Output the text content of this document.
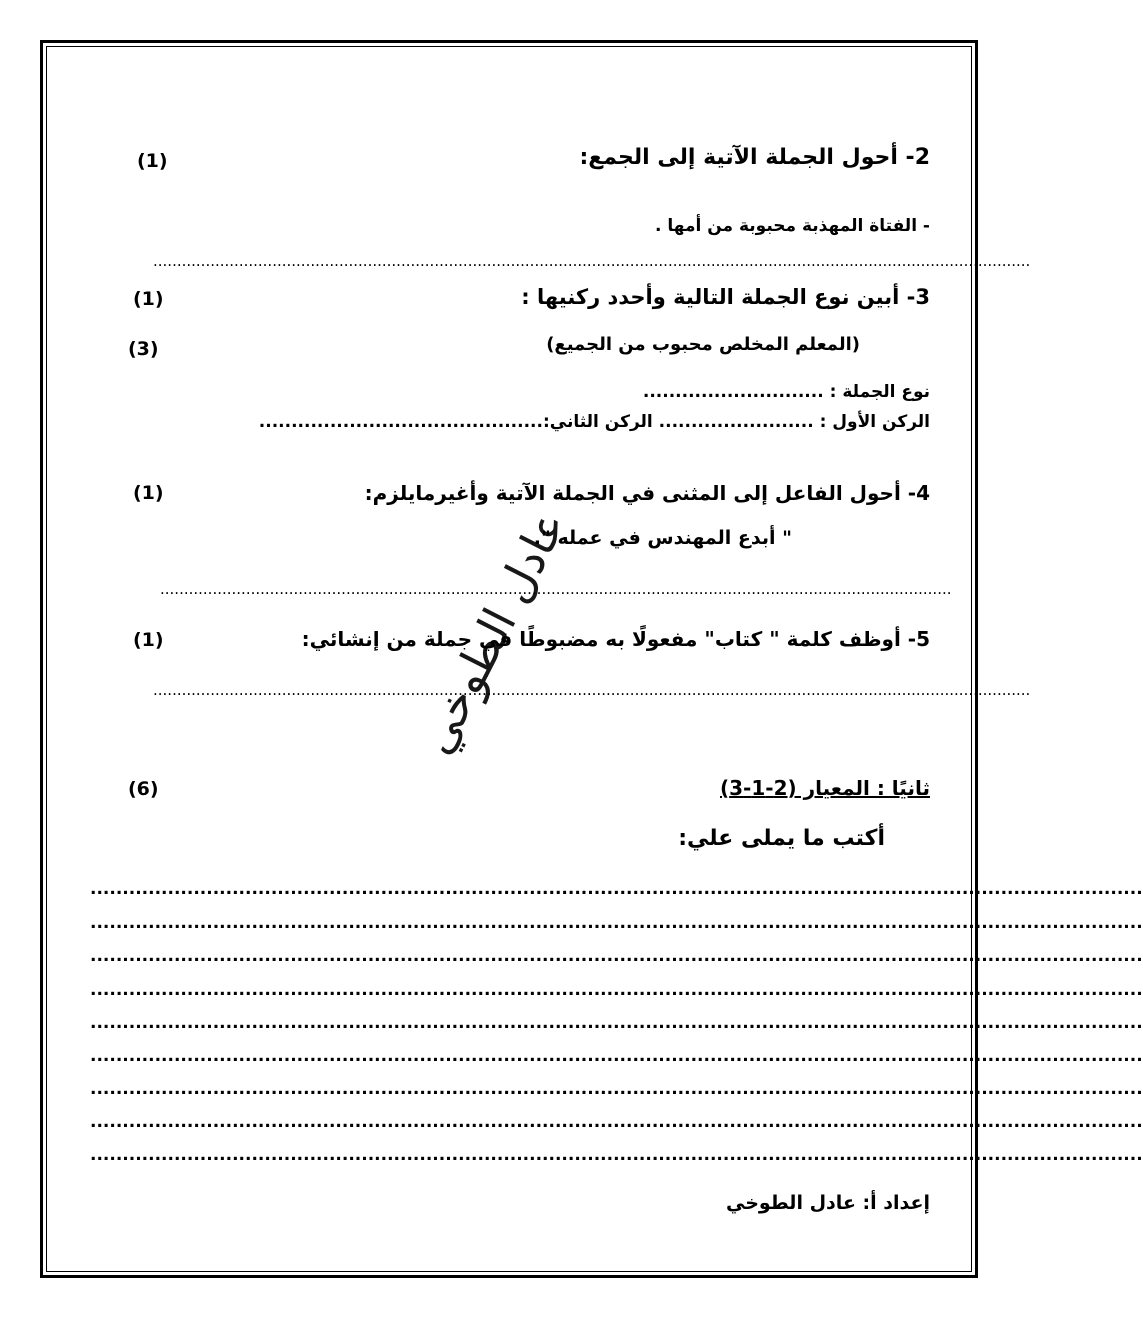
2- أحول الجملة الآتية إلى الجمع:
(1)
- الفتاة المهذبة محبوبة من أمها .
........................................................................................................................................................................................
3- أبين نوع الجملة التالية وأحدد ركنيها :
(1)
(المعلم المخلص محبوب من الجميع)
(3)
نوع الجملة : ............................
الركن الأول : ........................ الركن الثاني:............................................
4- أحول الفاعل إلى المثنى في الجملة الآتية وأغيرمايلزم:
(1)
" أبدع المهندس في عمله ".
......................................................................................................................................................................
5- أوظف كلمة " كتاب" مفعولًا به مضبوطًا في جملة من إنشائي:
(1)
........................................................................................................................................................................................
عادل الطوخي
ثانيًا : المعيار (2-1-3)
(6)
أكتب ما يملى علي:
...................................................................................................................................................................
...................................................................................................................................................................
...................................................................................................................................................................
...................................................................................................................................................................
...................................................................................................................................................................
...................................................................................................................................................................
...................................................................................................................................................................
...................................................................................................................................................................
...................................................................................................................................................................
إعداد أ: عادل الطوخي
